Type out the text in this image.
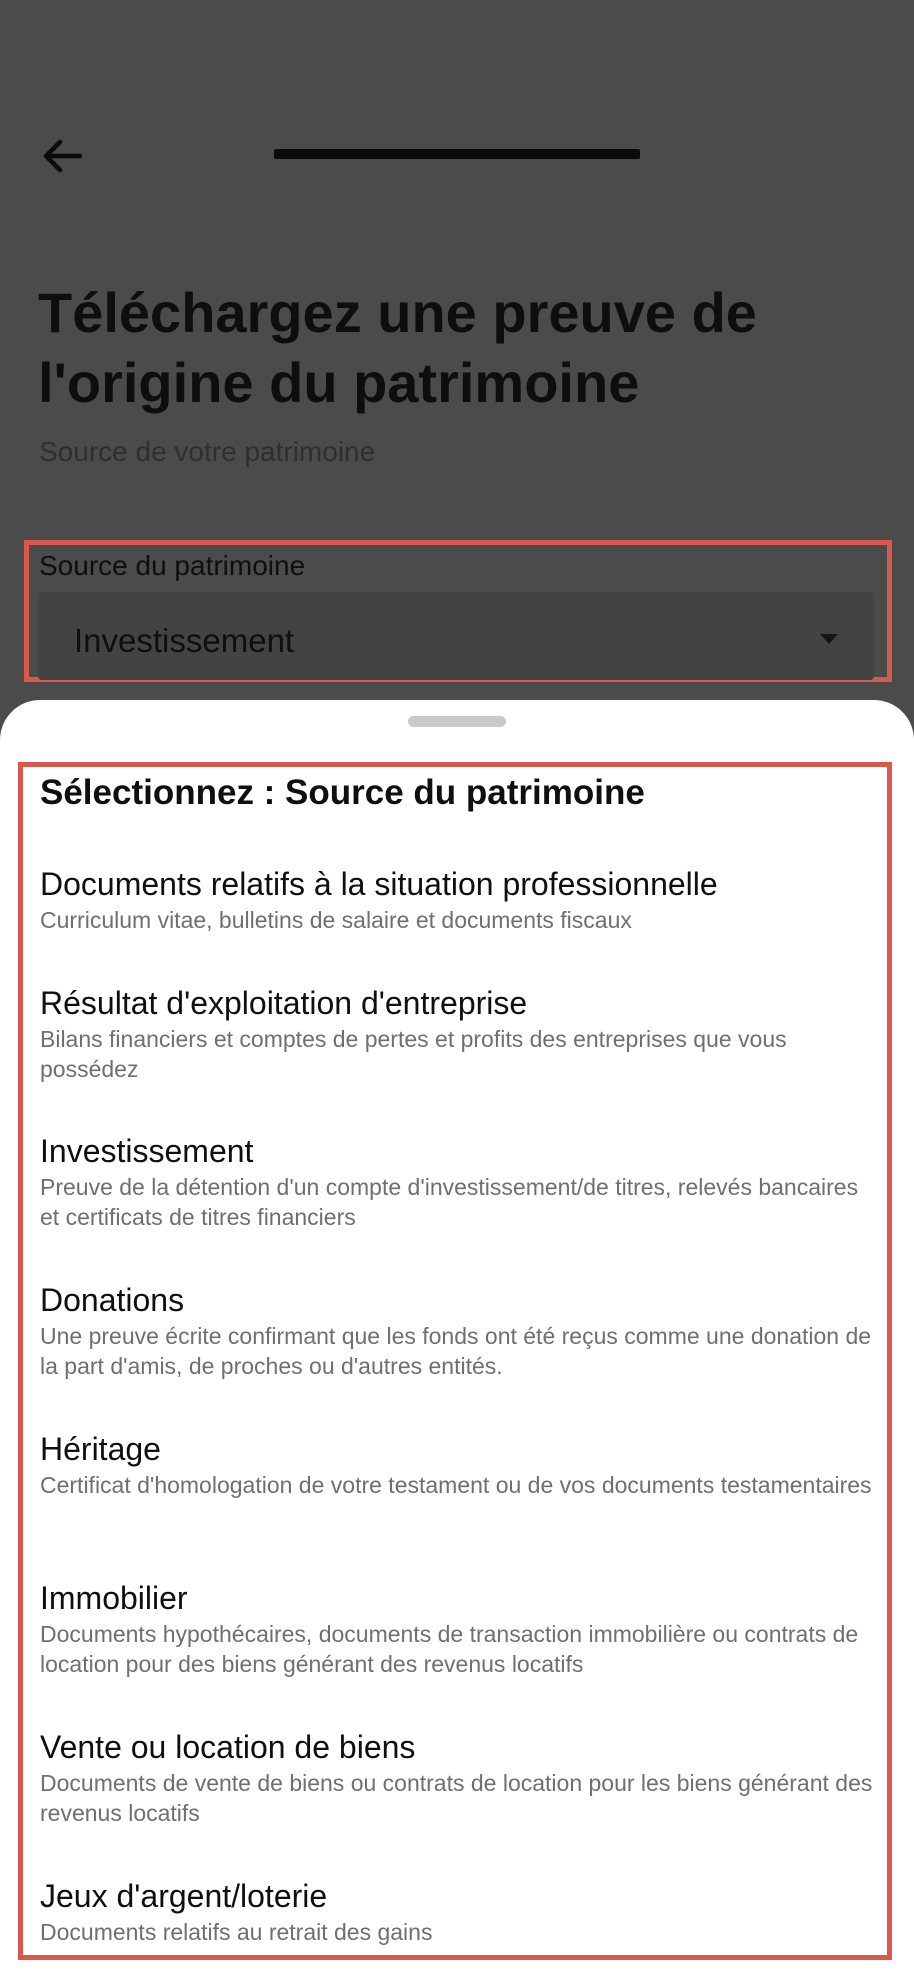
Téléchargez une preuve de l'origine du patrimoine
Source de votre patrimoine
Source du patrimoine
Investissement
Sélectionnez : Source du patrimoine
Documents relatifs à la situation professionnelle
Curriculum vitae, bulletins de salaire et documents fiscaux
Résultat d'exploitation d'entreprise
Bilans financiers et comptes de pertes et profits des entreprises que vous possédez
Investissement
Preuve de la détention d'un compte d'investissement/de titres, relevés bancaires et certificats de titres financiers
Donations
Une preuve écrite confirmant que les fonds ont été reçus comme une donation de la part d'amis, de proches ou d'autres entités.
Héritage
Certificat d'homologation de votre testament ou de vos documents testamentaires
Immobilier
Documents hypothécaires, documents de transaction immobilière ou contrats de location pour des biens générant des revenus locatifs
Vente ou location de biens
Documents de vente de biens ou contrats de location pour les biens générant des revenus locatifs
Jeux d'argent/loterie
Documents relatifs au retrait des gains
